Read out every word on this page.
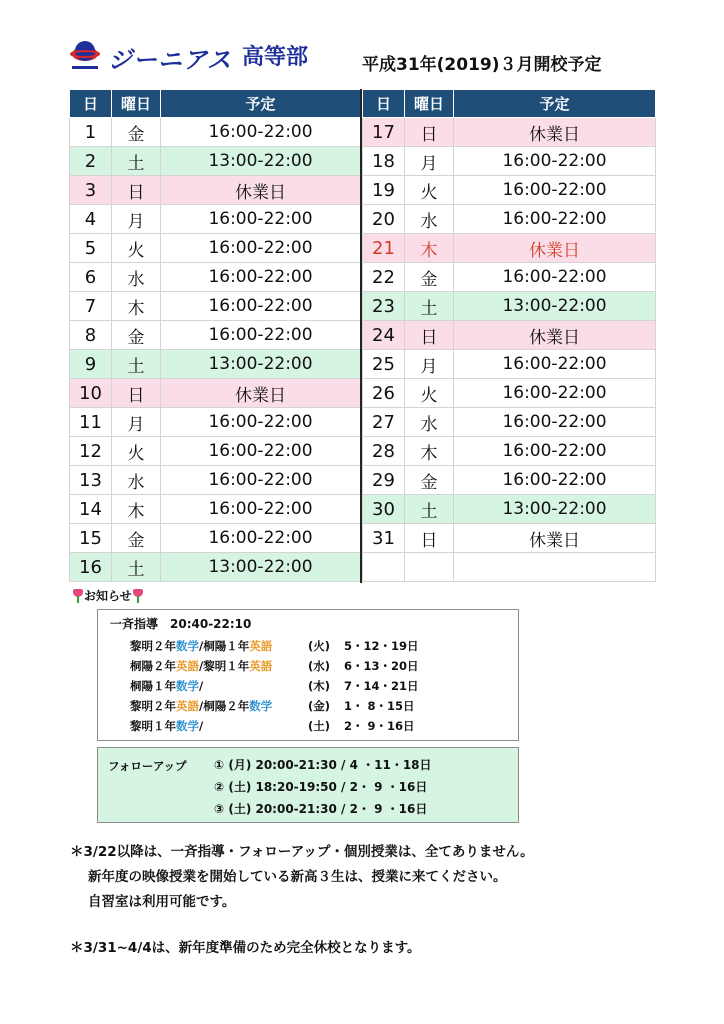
ジーニアス 高等部	平成31年(2019)３月開校予定
日	曜日	予定
1	金	16:00-22:00
2	土	13:00-22:00
3	日	休業日
4	月	16:00-22:00
5	火	16:00-22:00
6	水	16:00-22:00
7	木	16:00-22:00
8	金	16:00-22:00
9	土	13:00-22:00
10	日	休業日
11	月	16:00-22:00
12	火	16:00-22:00
13	水	16:00-22:00
14	木	16:00-22:00
15	金	16:00-22:00
16	土	13:00-22:00
日	曜日	予定
17	日	休業日
18	月	16:00-22:00
19	火	16:00-22:00
20	水	16:00-22:00
21	木	休業日
22	金	16:00-22:00
23	土	13:00-22:00
24	日	休業日
25	月	16:00-22:00
26	火	16:00-22:00
27	水	16:00-22:00
28	木	16:00-22:00
29	金	16:00-22:00
30	土	13:00-22:00
31	日	休業日

お知らせ
一斉指導　20:40-22:10
黎明２年数学/桐陽１年英語	(火) 5・12・19日
桐陽２年英語/黎明１年英語	(水) 6・13・20日
桐陽１年数学/	(木) 7・14・21日
黎明２年英語/桐陽２年数学	(金) 1・ 8・15日
黎明１年数学/	(土) 2・ 9・16日
フォローアップ ① (月) 20:00-21:30 / 4 ・11・18日
② (土) 18:20-19:50 / 2・ 9 ・16日
③ (土) 20:00-21:30 / 2・ 9 ・16日
＊3/22以降は、一斉指導・フォローアップ・個別授業は、全てありません。
新年度の映像授業を開始している新高３生は、授業に来てください。
自習室は利用可能です。
＊3/31~4/4は、新年度準備のため完全休校となります。
